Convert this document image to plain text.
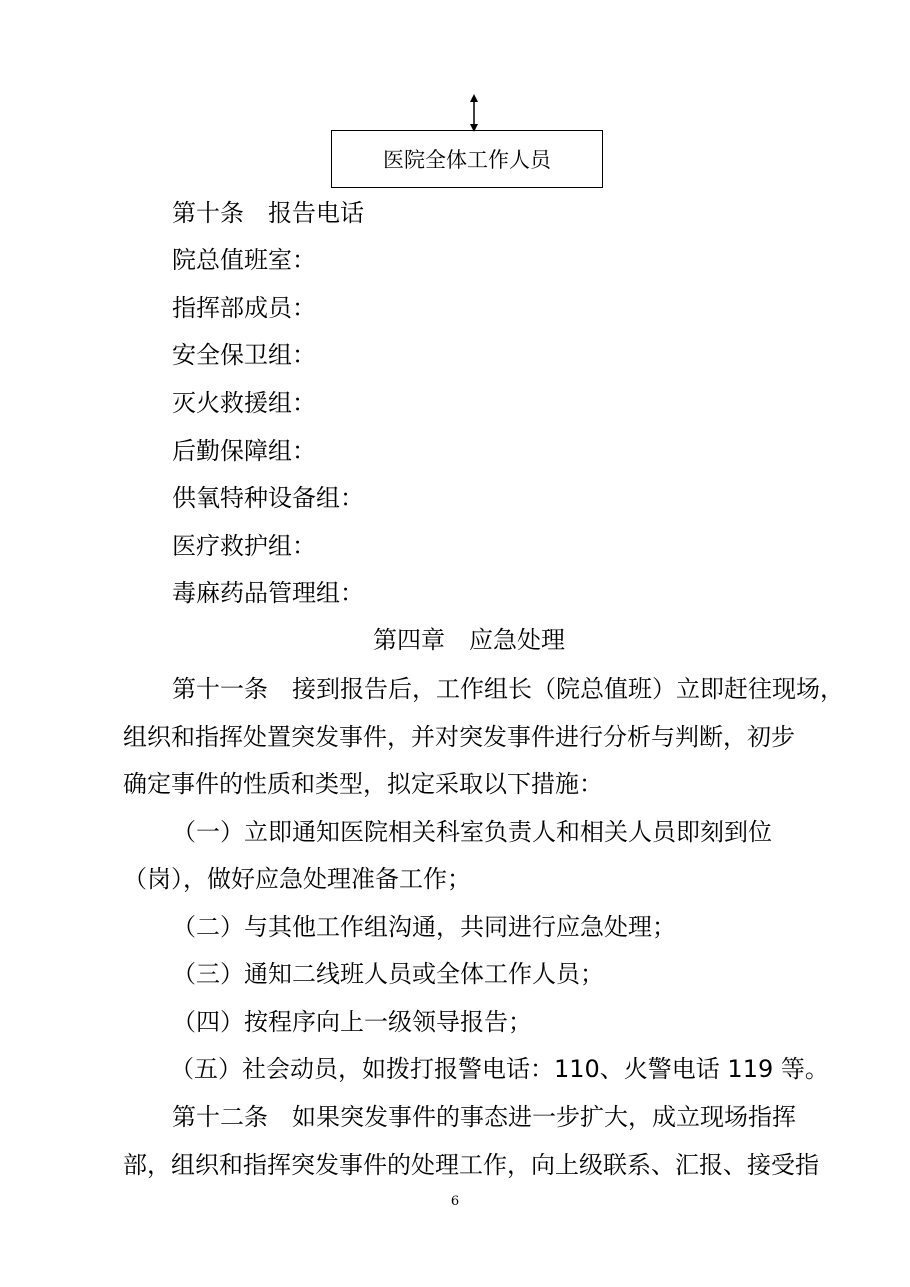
医院全体工作人员
第十条　报告电话
院总值班室：
指挥部成员：
安全保卫组：
灭火救援组：
后勤保障组：
供氧特种设备组：
医疗救护组：
毒麻药品管理组：
第四章　应急处理
第十一条　接到报告后，工作组长（院总值班）立即赶往现场，
组织和指挥处置突发事件，并对突发事件进行分析与判断，初步
确定事件的性质和类型，拟定采取以下措施：
（一）立即通知医院相关科室负责人和相关人员即刻到位
（岗），做好应急处理准备工作；
（二）与其他工作组沟通，共同进行应急处理；
（三）通知二线班人员或全体工作人员；
（四）按程序向上一级领导报告；
（五）社会动员，如拨打报警电话：110、火警电话 119 等。
第十二条　如果突发事件的事态进一步扩大，成立现场指挥
部，组织和指挥突发事件的处理工作，向上级联系、汇报、接受指
6
